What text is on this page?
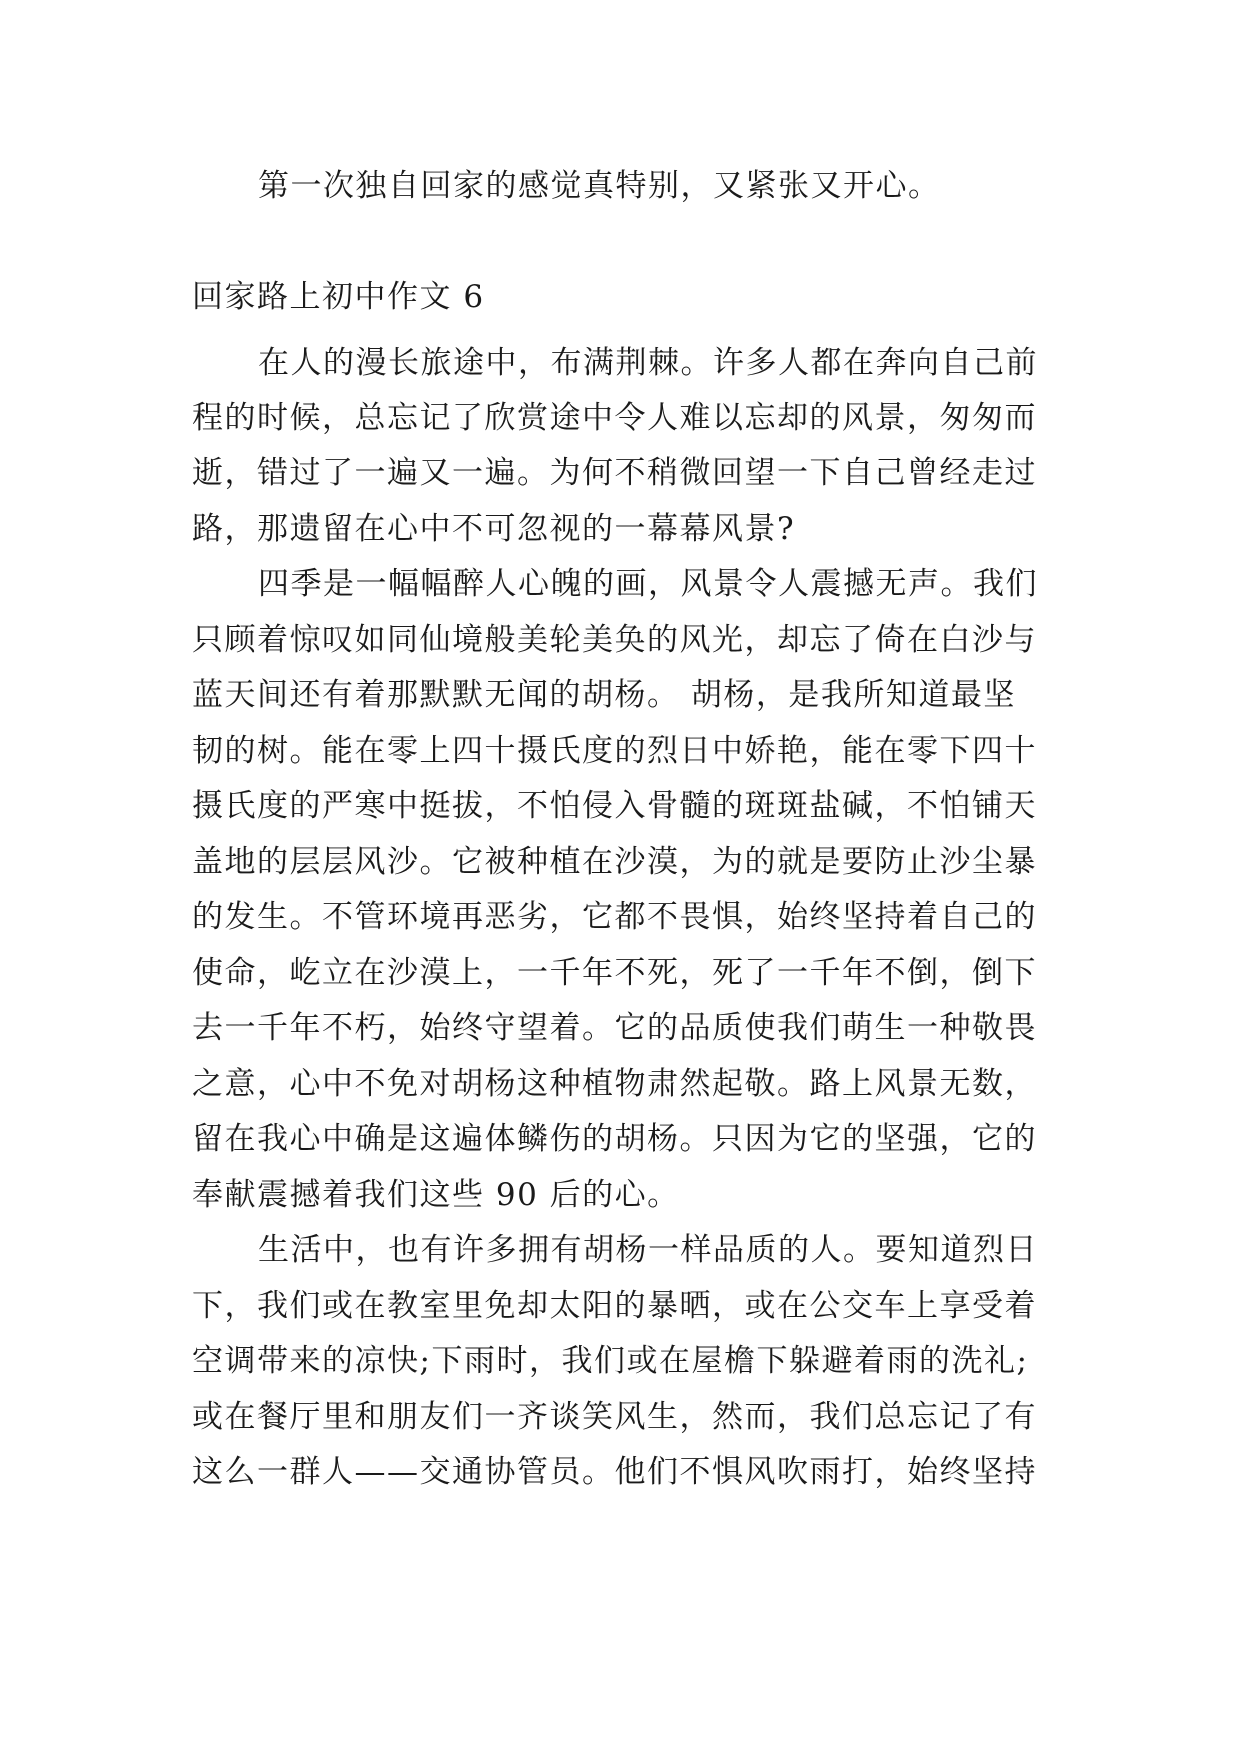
第一次独自回家的感觉真特别，又紧张又开心。
回家路上初中作文 6
在人的漫长旅途中，布满荆棘。许多人都在奔向自己前
程的时候，总忘记了欣赏途中令人难以忘却的风景，匆匆而
逝，错过了一遍又一遍。为何不稍微回望一下自己曾经走过
路，那遗留在心中不可忽视的一幕幕风景?
四季是一幅幅醉人心魄的画，风景令人震撼无声。我们
只顾着惊叹如同仙境般美轮美奂的风光，却忘了倚在白沙与
蓝天间还有着那默默无闻的胡杨。 胡杨，是我所知道最坚
韧的树。能在零上四十摄氏度的烈日中娇艳，能在零下四十
摄氏度的严寒中挺拔，不怕侵入骨髓的斑斑盐碱，不怕铺天
盖地的层层风沙。它被种植在沙漠，为的就是要防止沙尘暴
的发生。不管环境再恶劣，它都不畏惧，始终坚持着自己的
使命，屹立在沙漠上，一千年不死，死了一千年不倒，倒下
去一千年不朽，始终守望着。它的品质使我们萌生一种敬畏
之意，心中不免对胡杨这种植物肃然起敬。路上风景无数，
留在我心中确是这遍体鳞伤的胡杨。只因为它的坚强，它的
奉献震撼着我们这些 90 后的心。
生活中，也有许多拥有胡杨一样品质的人。要知道烈日
下，我们或在教室里免却太阳的暴晒，或在公交车上享受着
空调带来的凉快;下雨时，我们或在屋檐下躲避着雨的洗礼;
或在餐厅里和朋友们一齐谈笑风生，然而，我们总忘记了有
这么一群人——交通协管员。他们不惧风吹雨打，始终坚持
